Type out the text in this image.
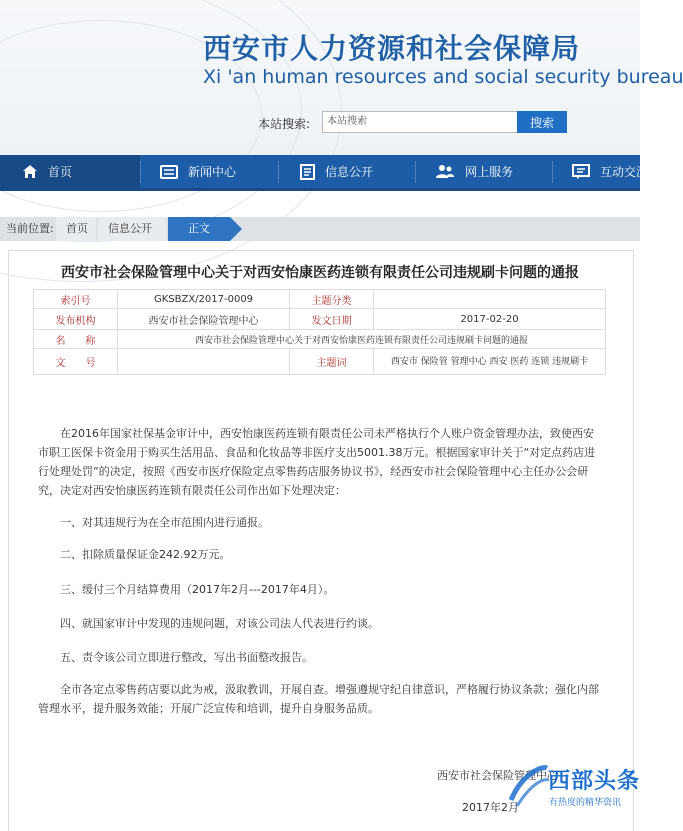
西安市人力资源和社会保障局
Xi 'an human resources and social security bureau
本站搜索:	本站搜索	搜索
首页	新闻中心	信息公开	网上服务	互动交流
当前位置: 首页 信息公开	正文
西安市社会保险管理中心关于对西安怡康医药连锁有限责任公司违规刷卡问题的通报
索引号	GKSBZX/2017-0009	主题分类	
发布机构	西安市社会保险管理中心	发文日期	2017-02-20
名　　称	西安市社会保险管理中心关于对西安怡康医药连锁有限责任公司违规刷卡问题的通报		
文　　号		主题词	西安市 保险管 管理中心 西安 医药 连锁 违规刷卡
在2016年国家社保基金审计中，西安怡康医药连锁有限责任公司未严格执行个人账户资金管理办法，致使西安市职工医保卡资金用于购买生活用品、食品和化妆品等非医疗支出5001.38万元。根据国家审计关于“对定点药店进行处理处罚”的决定，按照《西安市医疗保险定点零售药店服务协议书》，经西安市社会保险管理中心主任办公会研究，决定对西安怡康医药连锁有限责任公司作出如下处理决定：
一、对其违规行为在全市范围内进行通报。
二、扣除质量保证金242.92万元。
三、缓付三个月结算费用（2017年2月---2017年4月）。
四、就国家审计中发现的违规问题，对该公司法人代表进行约谈。
五、责令该公司立即进行整改，写出书面整改报告。
全市各定点零售药店要以此为戒，汲取教训，开展自查。增强遵规守纪自律意识，严格履行协议条款；强化内部管理水平，提升服务效能；开展广泛宣传和培训，提升自身服务品质。
西安市社会保险管理中心
2017年2月
西部头条
有热度的精华资讯
